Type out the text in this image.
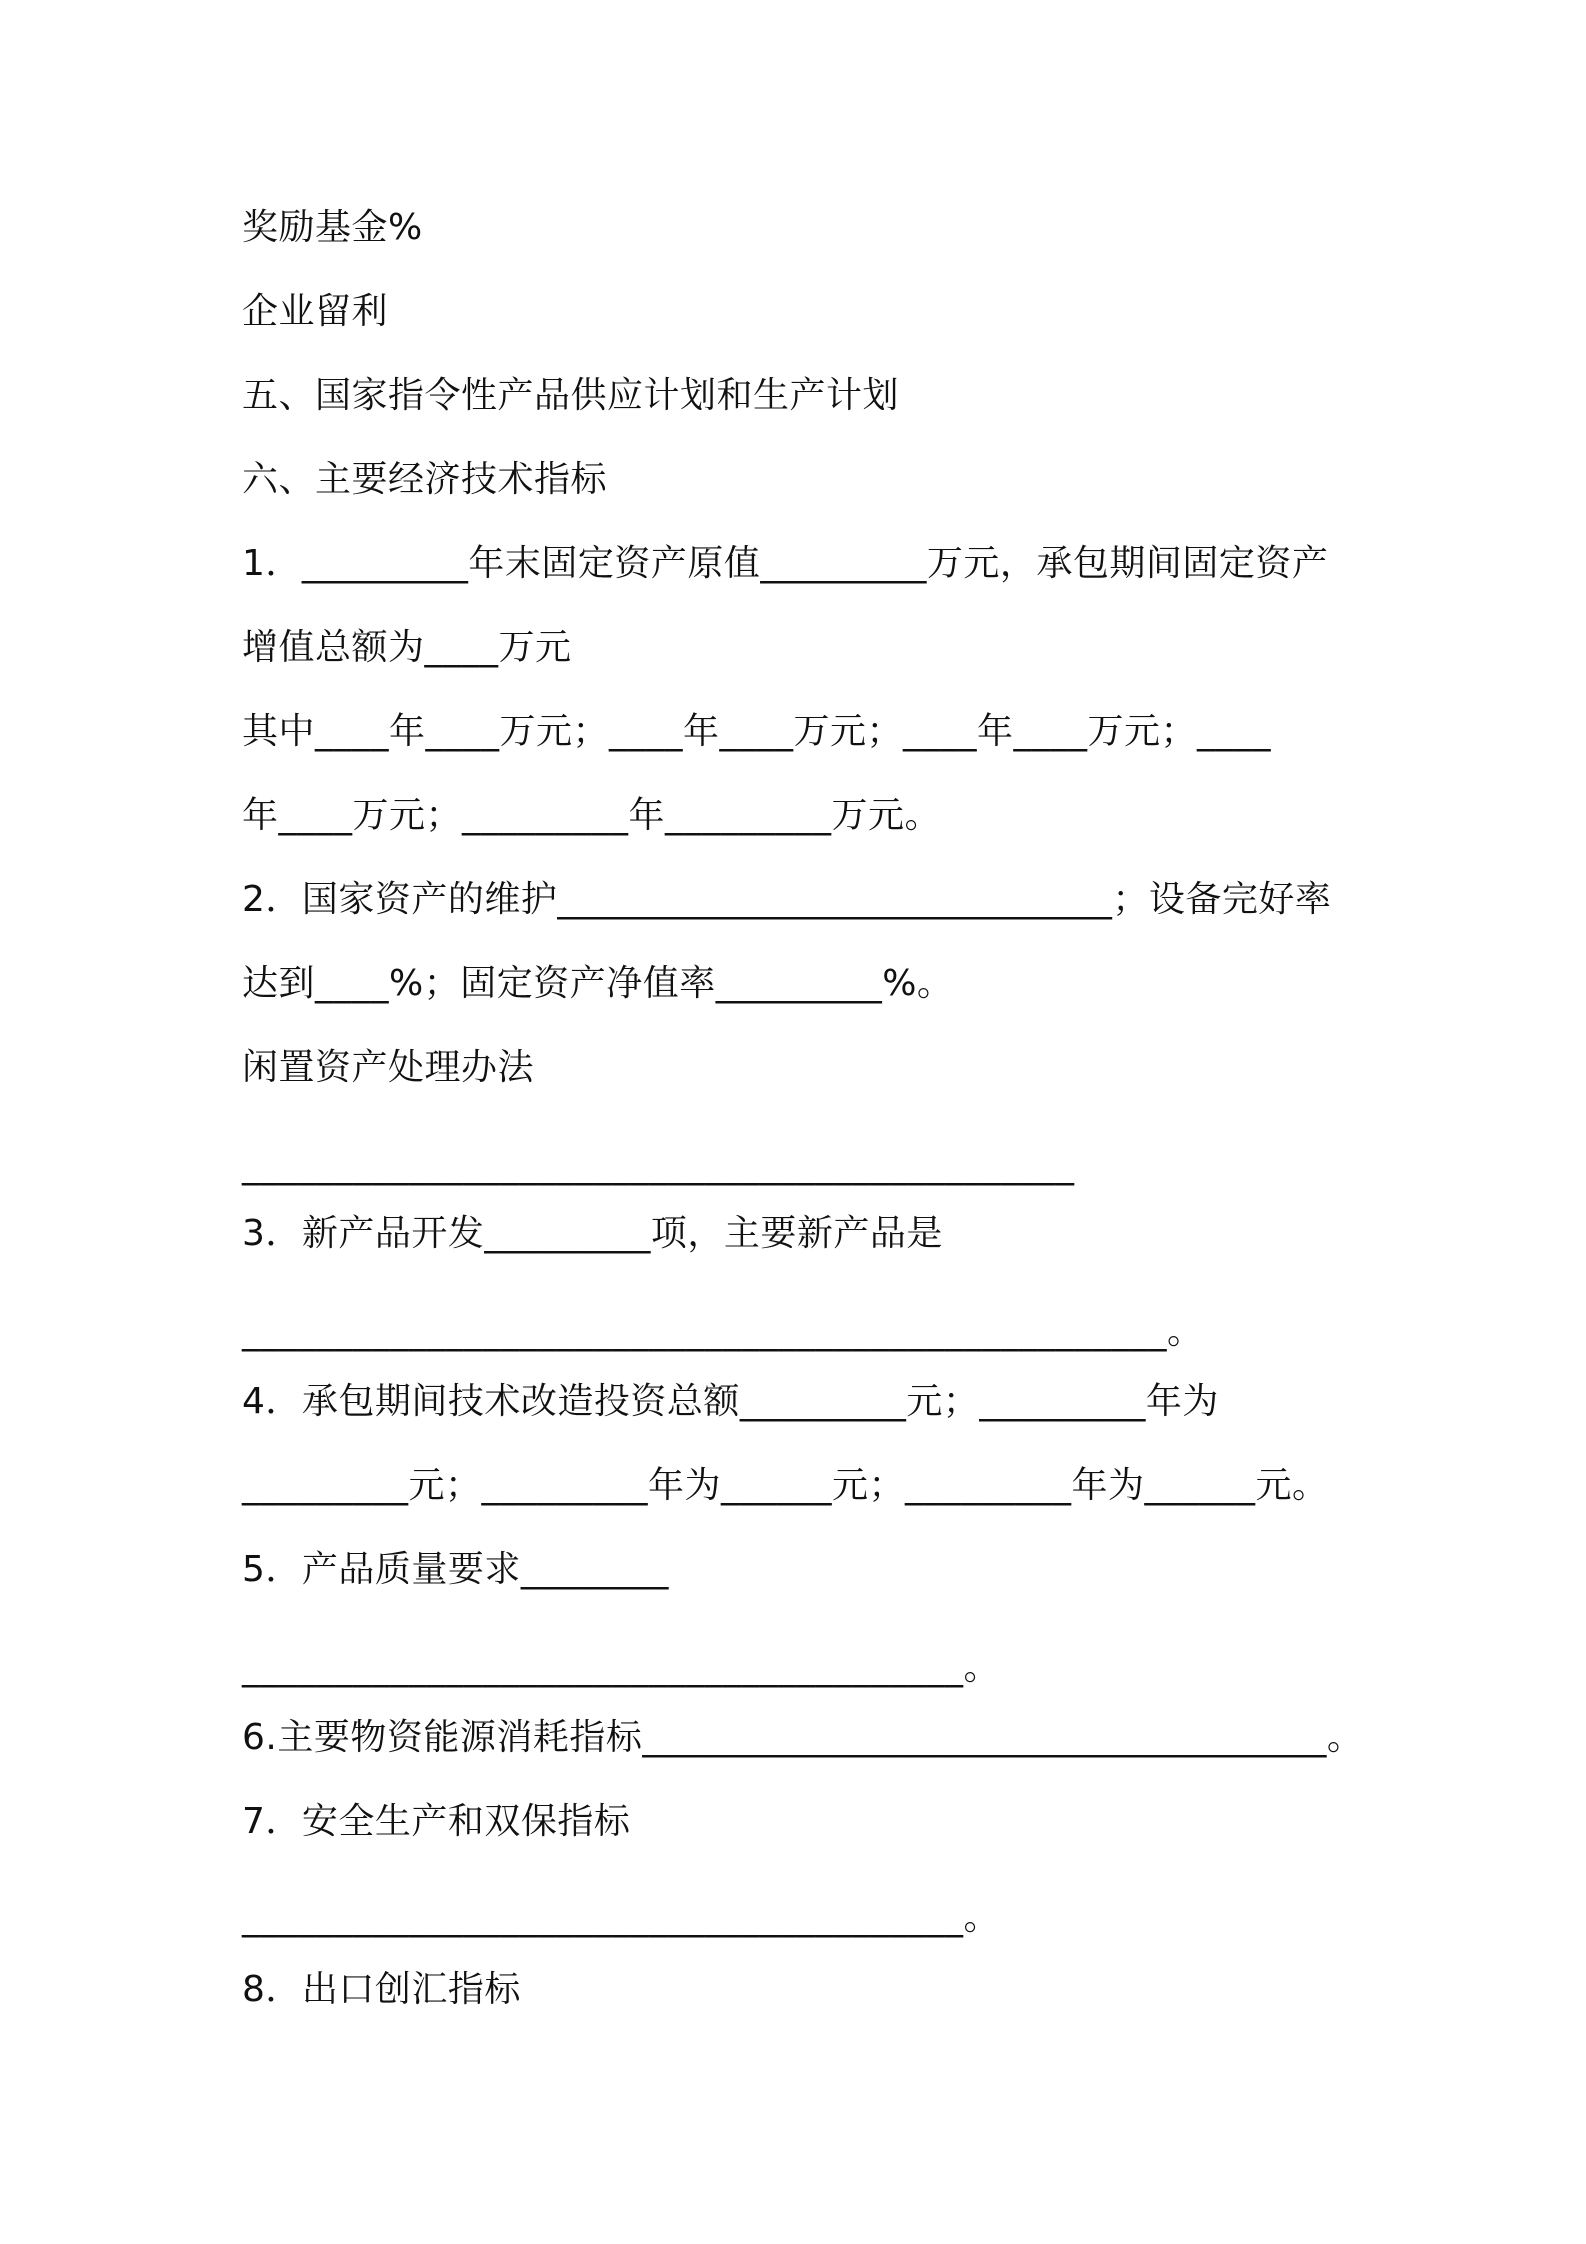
奖励基金%
企业留利
五、国家指令性产品供应计划和生产计划
六、主要经济技术指标
1．_________年末固定资产原值_________万元，承包期间固定资产
增值总额为____万元
其中____年____万元；____年____万元；____年____万元；____
年____万元；_________年_________万元。
2．国家资产的维护______________________________；设备完好率
达到____%；固定资产净值率_________%。
闲置资产处理办法
_____________________________________________
3．新产品开发_________项，主要新产品是
__________________________________________________。
4．承包期间技术改造投资总额_________元；_________年为
_________元；_________年为______元；_________年为______元。
5．产品质量要求________
_______________________________________。
6.主要物资能源消耗指标_____________________________________。
7．安全生产和双保指标
_______________________________________。
8．出口创汇指标
